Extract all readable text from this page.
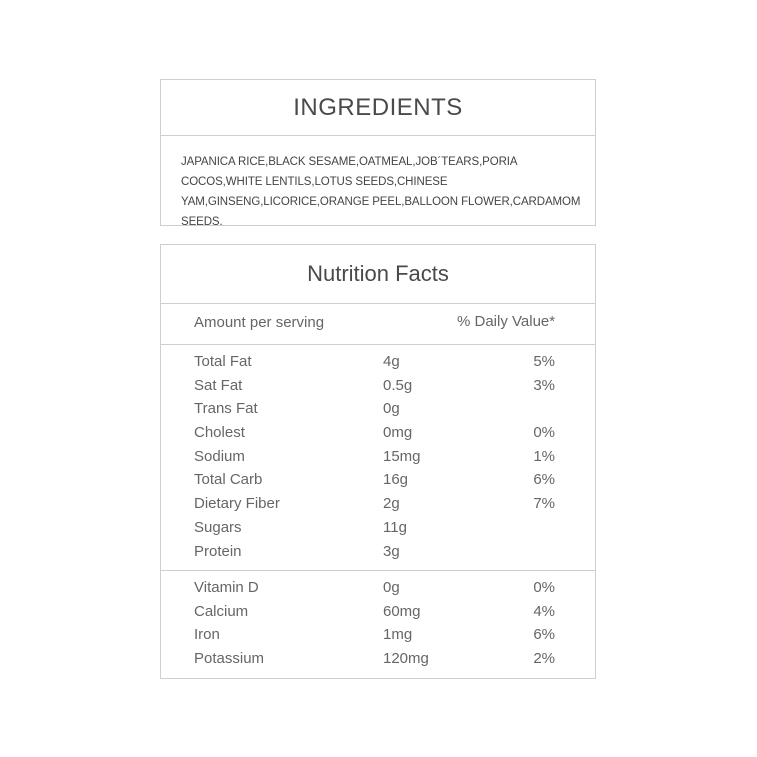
INGREDIENTS
JAPANICA RICE,BLACK SESAME,OATMEAL,JOB´TEARS,PORIA COCOS,WHITE LENTILS,LOTUS SEEDS,CHINESE YAM,GINSENG,LICORICE,ORANGE PEEL,BALLOON FLOWER,CARDAMOM SEEDS.
Nutrition Facts
Amount per serving	% Daily Value*
Total Fat	4g	5%
Sat Fat	0.5g	3%
Trans Fat	0g
Cholest	0mg	0%
Sodium	15mg	1%
Total Carb	16g	6%
Dietary Fiber	2g	7%
Sugars	11g
Protein	3g
Vitamin D	0g	0%
Calcium	60mg	4%
Iron	1mg	6%
Potassium	120mg	2%
